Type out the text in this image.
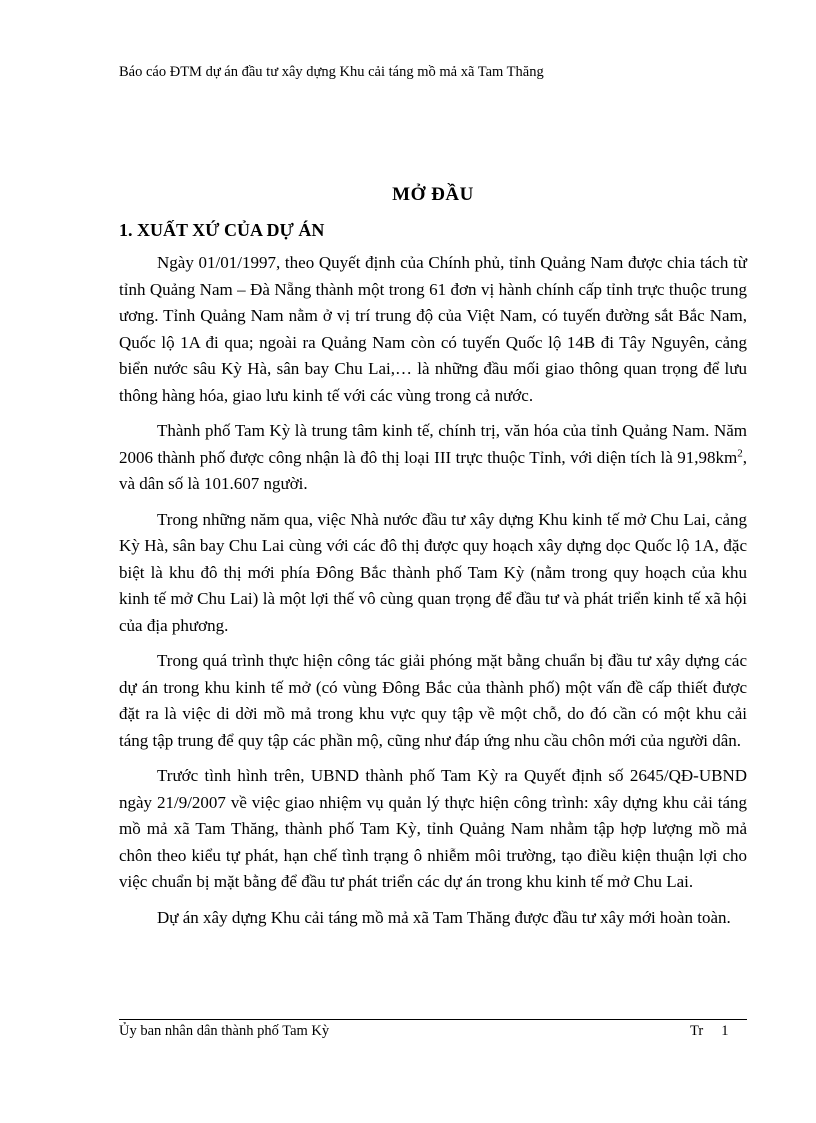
Báo cáo ĐTM dự án đầu tư xây dựng Khu cải táng mồ mả xã Tam Thăng
MỞ ĐẦU
1. XUẤT XỨ CỦA DỰ ÁN

Ngày 01/01/1997, theo Quyết định của Chính phủ, tỉnh Quảng Nam được chia tách từ tỉnh Quảng Nam – Đà Nẵng thành một trong 61 đơn vị hành chính cấp tỉnh trực thuộc trung ương. Tỉnh Quảng Nam nằm ở vị trí trung độ của Việt Nam, có tuyến đường sắt Bắc Nam, Quốc lộ 1A đi qua; ngoài ra Quảng Nam còn có tuyến Quốc lộ 14B đi Tây Nguyên, cảng biển nước sâu Kỳ Hà, sân bay Chu Lai,… là những đầu mối giao thông quan trọng để lưu thông hàng hóa, giao lưu kinh tế với các vùng trong cả nước.

Thành phố Tam Kỳ là trung tâm kinh tế, chính trị, văn hóa của tỉnh Quảng Nam. Năm 2006 thành phố được công nhận là đô thị loại III trực thuộc Tỉnh, với diện tích là $91,98km^2$, và dân số là 101.607 người.

Trong những năm qua, việc Nhà nước đầu tư xây dựng Khu kinh tế mở Chu Lai, cảng Kỳ Hà, sân bay Chu Lai cùng với các đô thị được quy hoạch xây dựng dọc Quốc lộ 1A, đặc biệt là khu đô thị mới phía Đông Bắc thành phố Tam Kỳ (nằm trong quy hoạch của khu kinh tế mở Chu Lai) là một lợi thế vô cùng quan trọng để đầu tư và phát triển kinh tế xã hội của địa phương.

Trong quá trình thực hiện công tác giải phóng mặt bằng chuẩn bị đầu tư xây dựng các dự án trong khu kinh tế mở (có vùng Đông Bắc của thành phố) một vấn đề cấp thiết được đặt ra là việc di dời mồ mả trong khu vực quy tập về một chỗ, do đó cần có một khu cải táng tập trung để quy tập các phần mộ, cũng như đáp ứng nhu cầu chôn mới của người dân.

Trước tình hình trên, UBND thành phố Tam Kỳ ra Quyết định số 2645/QĐ-UBND ngày 21/9/2007 về việc giao nhiệm vụ quản lý thực hiện công trình: xây dựng khu cải táng mồ mả xã Tam Thăng, thành phố Tam Kỳ, tỉnh Quảng Nam nhằm tập hợp lượng mồ mả chôn theo kiểu tự phát, hạn chế tình trạng ô nhiễm môi trường, tạo điều kiện thuận lợi cho việc chuẩn bị mặt bằng để đầu tư phát triển các dự án trong khu kinh tế mở Chu Lai.

Dự án xây dựng Khu cải táng mồ mả xã Tam Thăng được đầu tư xây mới hoàn toàn.

Ủy ban nhân dân thành phố Tam Kỳ	Tr 1
